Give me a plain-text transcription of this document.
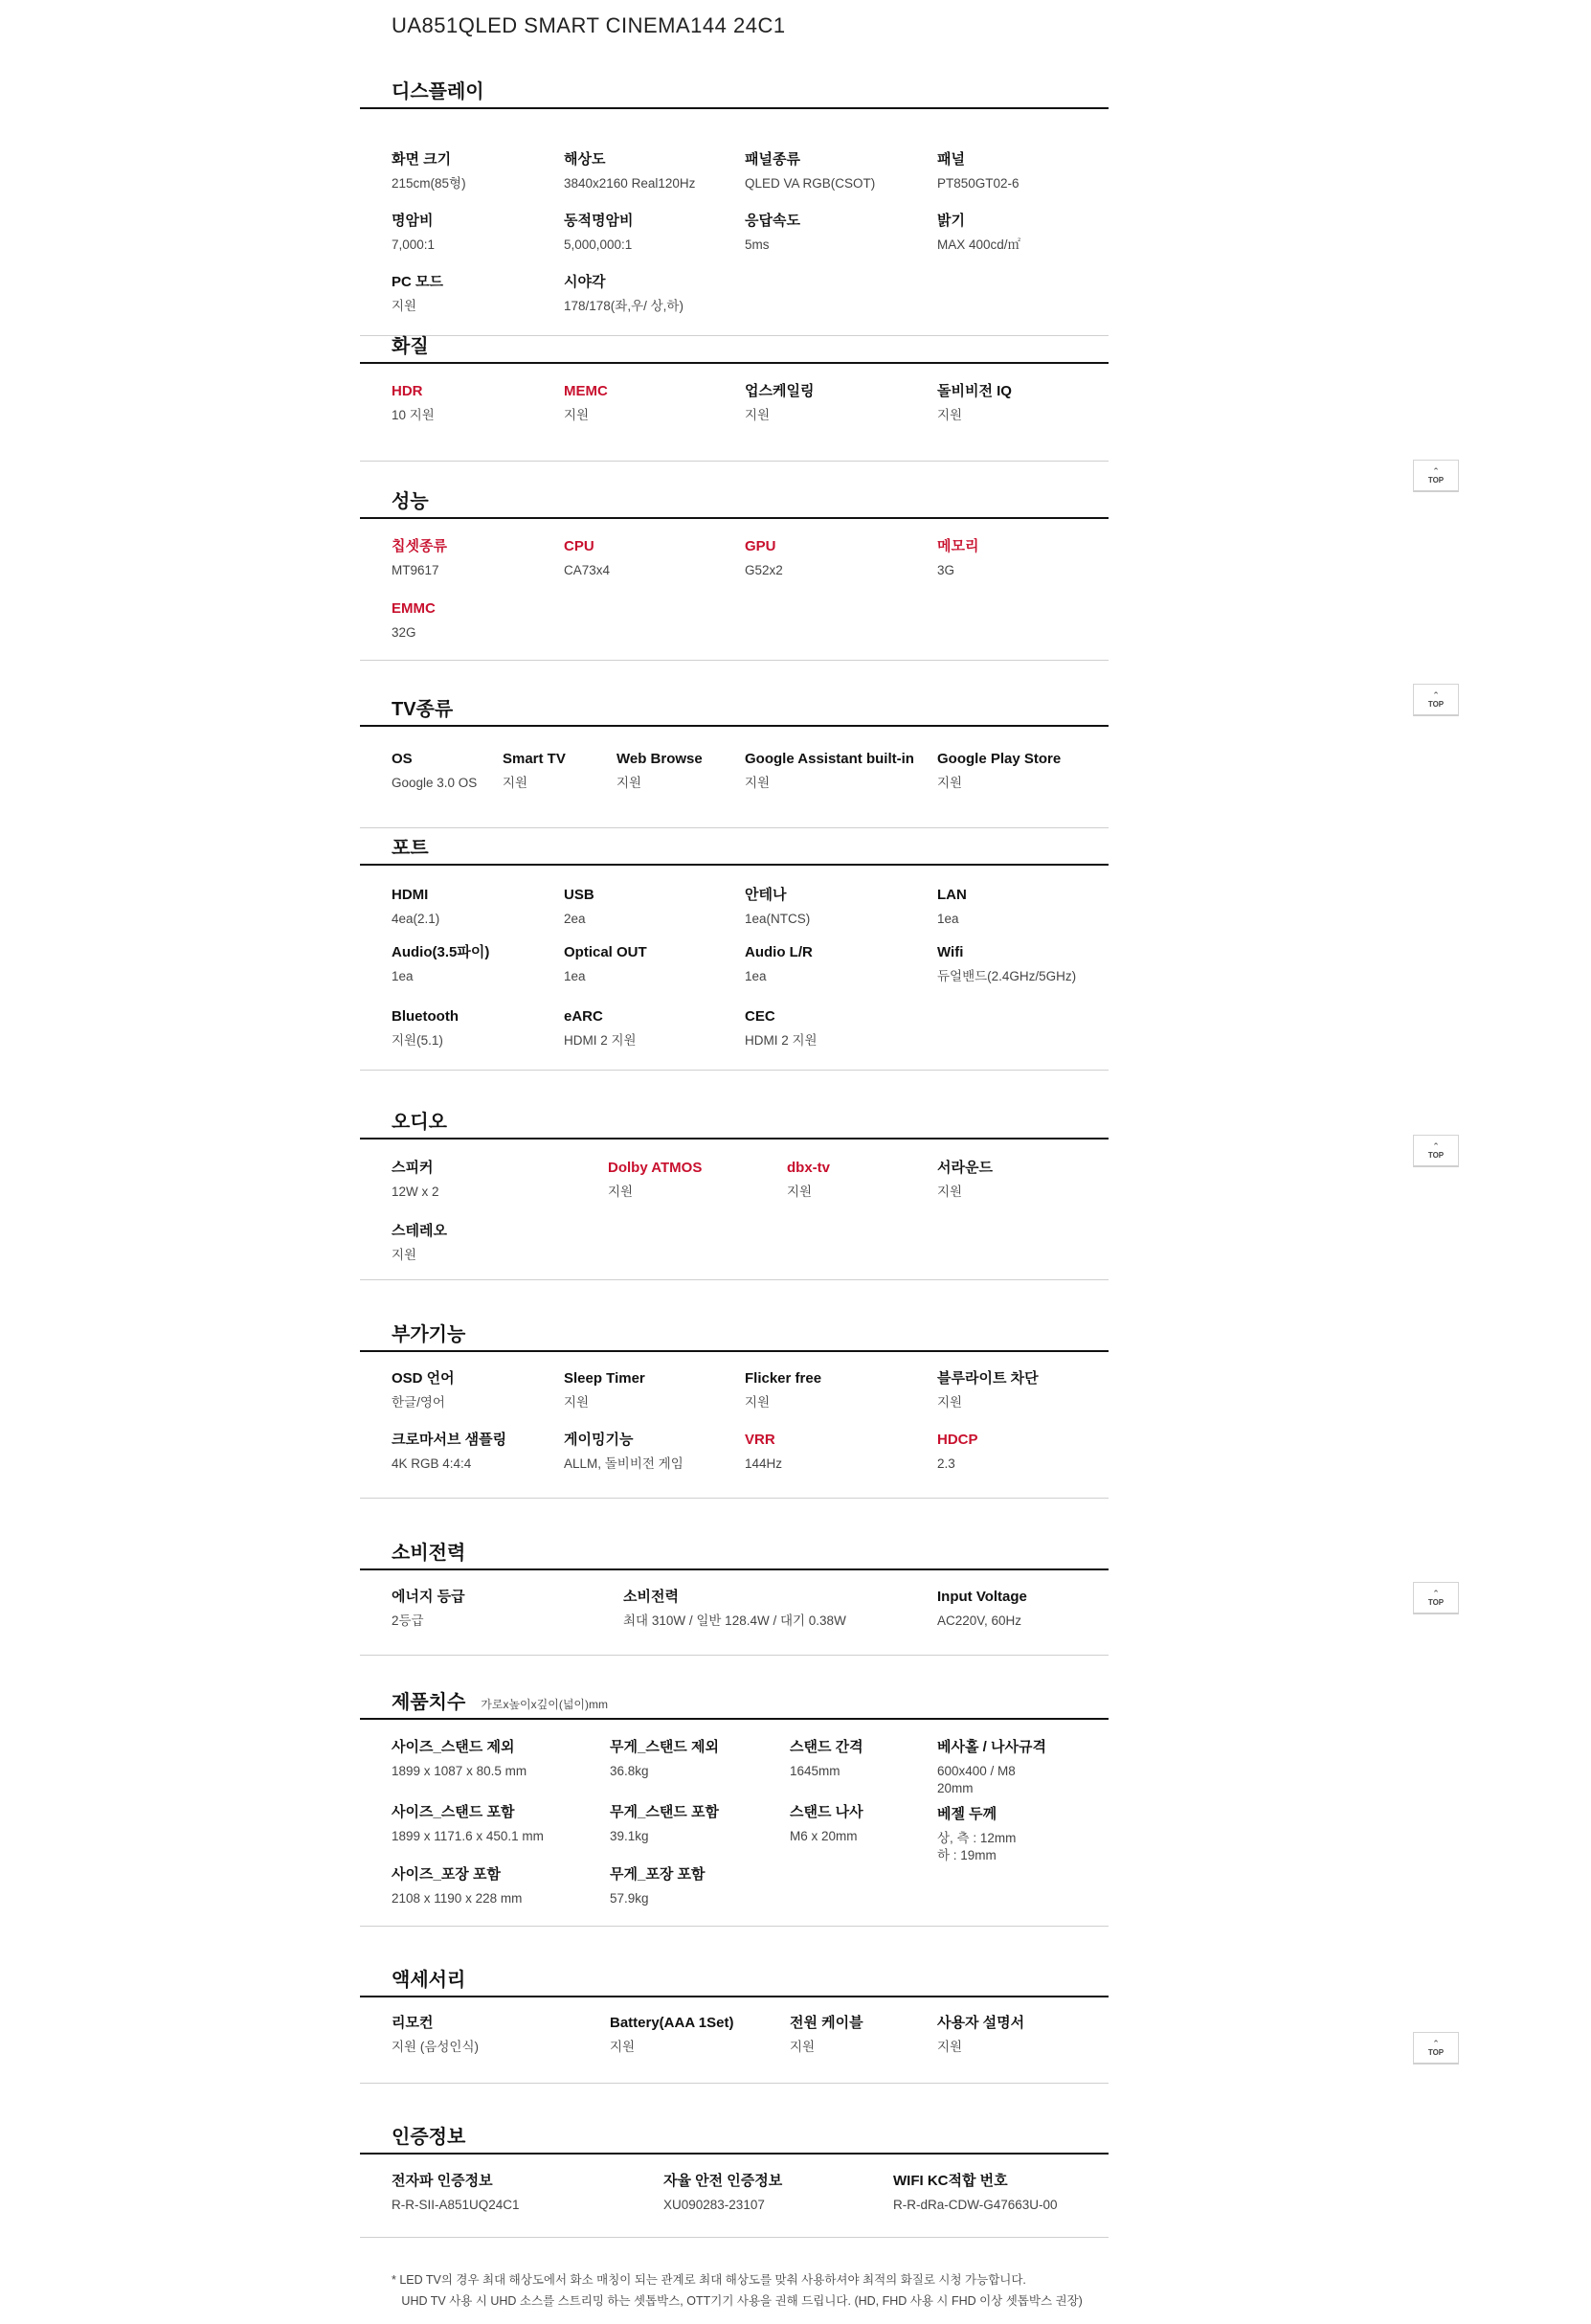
UA851QLED SMART CINEMA144 24C1
디스플레이
화면 크기
215cm(85형)
해상도
3840x2160 Real120Hz
패널종류
QLED VA RGB(CSOT)
패널
PT850GT02-6
명암비
7,000:1
동적명암비
5,000,000:1
응답속도
5ms
밝기
MAX 400cd/㎡
PC 모드
지원
시야각
178/178(좌,우/ 상,하)
화질
HDR
10 지원
MEMC
지원
업스케일링
지원
돌비비전 IQ
지원
성능
칩셋종류
MT9617
CPU
CA73x4
GPU
G52x2
메모리
3G
EMMC
32G
TV종류
OS
Google 3.0 OS
Smart TV
지원
Web Browse
지원
Google Assistant built-in
지원
Google Play Store
지원
포트
HDMI
4ea(2.1)
USB
2ea
안테나
1ea(NTCS)
LAN
1ea
Audio(3.5파이)
1ea
Optical OUT
1ea
Audio L/R
1ea
Wifi
듀얼밴드(2.4GHz/5GHz)
Bluetooth
지원(5.1)
eARC
HDMI 2 지원
CEC
HDMI 2 지원
오디오
스피커
12W x 2
Dolby ATMOS
지원
dbx-tv
지원
서라운드
지원
스테레오
지원
부가기능
OSD 언어
한글/영어
Sleep Timer
지원
Flicker free
지원
블루라이트 차단
지원
크로마서브 샘플링
4K RGB 4:4:4
게이밍기능
ALLM, 돌비비전 게임
VRR
144Hz
HDCP
2.3
소비전력
에너지 등급
2등급
소비전력
최대 310W / 일반 128.4W / 대기 0.38W
Input Voltage
AC220V, 60Hz
제품치수 가로x높이x깊이(넓이)mm
사이즈_스탠드 제외
1899 x 1087 x 80.5 mm
무게_스탠드 제외
36.8kg
스탠드 간격
1645mm
베사홀 / 나사규격
600x400 / M8
20mm
사이즈_스탠드 포함
1899 x 1171.6 x 450.1 mm
무게_스탠드 포함
39.1kg
스탠드 나사
M6 x 20mm
베젤 두께
상, 측 : 12mm
하 : 19mm
사이즈_포장 포함
2108 x 1190 x 228 mm
무게_포장 포함
57.9kg
액세서리
리모컨
지원 (음성인식)
Battery(AAA 1Set)
지원
전원 케이블
지원
사용자 설명서
지원
인증정보
전자파 인증정보
R-R-SII-A851UQ24C1
자율 안전 인증정보
XU090283-23107
WIFI KC적합 번호
R-R-dRa-CDW-G47663U-00
⌃
TOP
⌃
TOP
⌃
TOP
⌃
TOP
⌃
TOP
* LED TV의 경우 최대 해상도에서 화소 매칭이 되는 관계로 최대 해상도를 맞춰 사용하셔야 최적의 화질로 시청 가능합니다.
UHD TV 사용 시 UHD 소스를 스트리밍 하는 셋톱박스, OTT기기 사용을 권해 드립니다. (HD, FHD 사용 시 FHD 이상 셋톱박스 권장)
